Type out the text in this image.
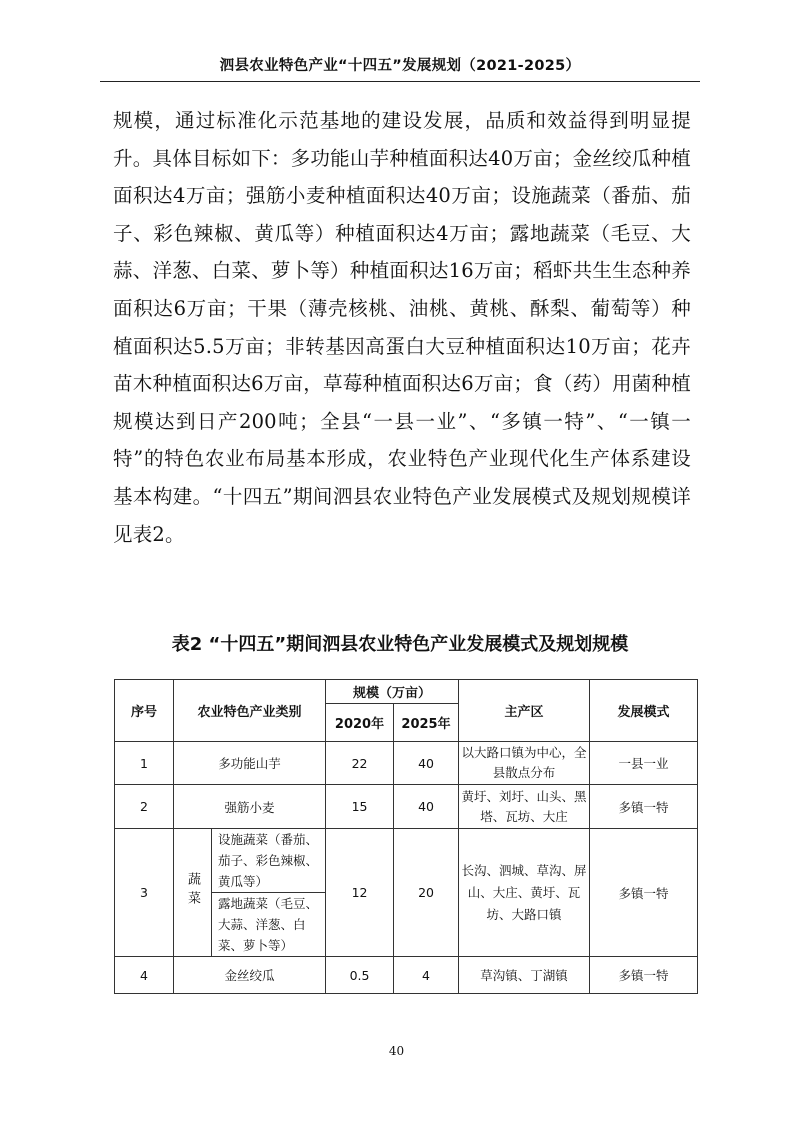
泗县农业特色产业“十四五”发展规划（2021-2025）

规模，通过标准化示范基地的建设发展，品质和效益得到明显提升。具体目标如下：多功能山芋种植面积达40万亩；金丝绞瓜种植面积达4万亩；强筋小麦种植面积达40万亩；设施蔬菜（番茄、茄子、彩色辣椒、黄瓜等）种植面积达4万亩；露地蔬菜（毛豆、大蒜、洋葱、白菜、萝卜等）种植面积达16万亩；稻虾共生生态种养面积达6万亩；干果（薄壳核桃、油桃、黄桃、酥梨、葡萄等）种植面积达5.5万亩；非转基因高蛋白大豆种植面积达10万亩；花卉苗木种植面积达6万亩，草莓种植面积达6万亩；食（药）用菌种植规模达到日产200吨；全县“一县一业”、“多镇一特”、“一镇一特”的特色农业布局基本形成，农业特色产业现代化生产体系建设基本构建。“十四五”期间泗县农业特色产业发展模式及规划规模详见表2。

表2 “十四五”期间泗县农业特色产业发展模式及规划规模
序号	农业特色产业类别		规模（万亩）		主产区	发展模式
			2020年	2025年		
1	多功能山芋		22	40	以大路口镇为中心，全县散点分布	一县一业
2	强筋小麦		15	40	黄圩、刘圩、山头、黑塔、瓦坊、大庄	多镇一特
3	蔬菜	设施蔬菜（番茄、茄子、彩色辣椒、黄瓜等）	12	20	长沟、泗城、草沟、屏山、大庄、黄圩、瓦坊、大路口镇	多镇一特
		露地蔬菜（毛豆、大蒜、洋葱、白菜、萝卜等）				
4	金丝绞瓜		0.5	4	草沟镇、丁湖镇	多镇一特
40
